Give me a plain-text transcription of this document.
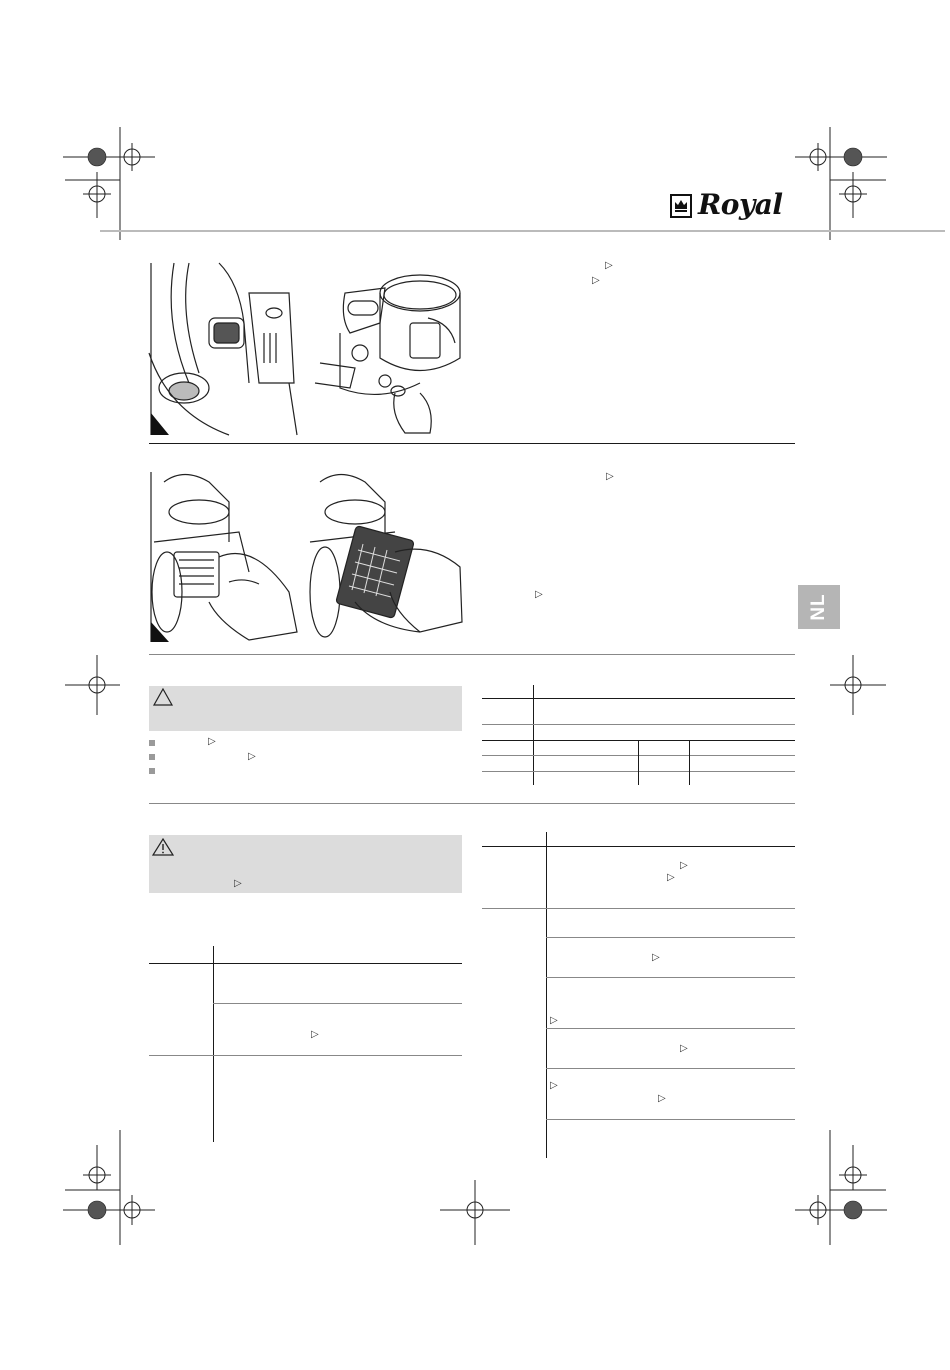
Royal
▷
▷
▷
▷	NL
▷
▷
▷
▷
▷
▷
▷
▷
▷
▷
▷
